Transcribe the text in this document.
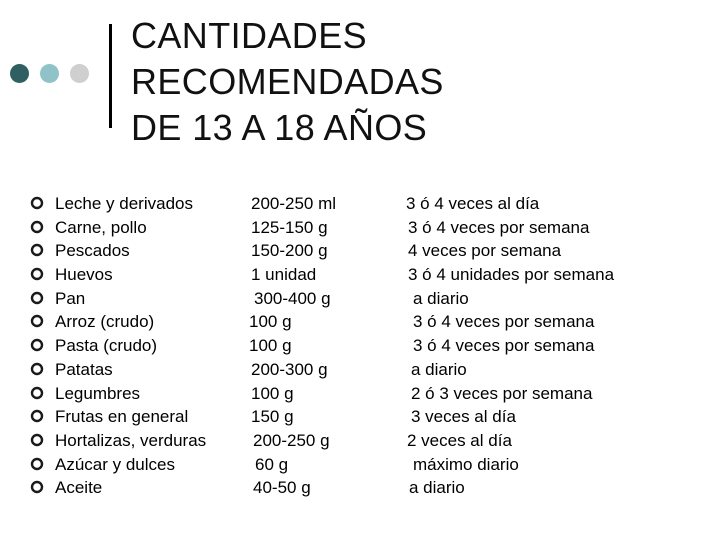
CANTIDADES
RECOMENDADAS
DE 13 A 18 AÑOS
Leche y derivados	200-250 ml	3 ó 4 veces al día
Carne, pollo	125-150 g	3 ó 4 veces por semana
Pescados	150-200 g	4 veces por semana
Huevos	1 unidad	3 ó 4 unidades por semana
Pan	300-400 g	a diario
Arroz (crudo)	100 g	3 ó 4 veces por semana
Pasta (crudo)	100 g	3 ó 4 veces por semana
Patatas	200-300 g	a diario
Legumbres	100 g	2 ó 3 veces por semana
Frutas en general	150 g	3 veces al día
Hortalizas, verduras	200-250 g	2 veces al día
Azúcar y dulces	60 g	máximo diario
Aceite	40-50 g	a diario
